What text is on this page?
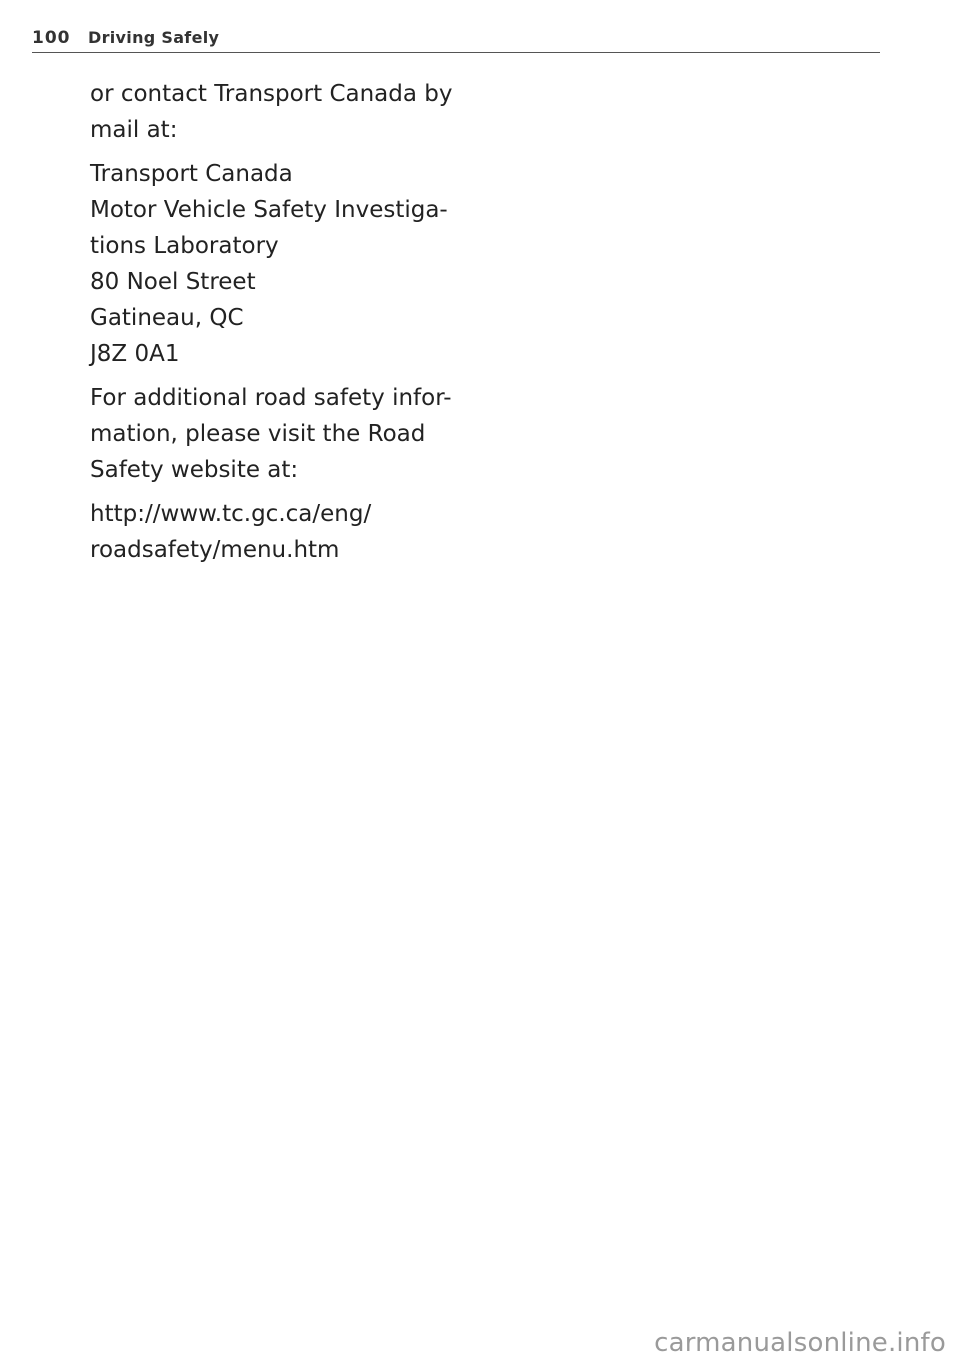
100 Driving Safely

or contact Transport Canada by
mail at:

Transport Canada
Motor Vehicle Safety Investiga-
tions Laboratory
80 Noel Street
Gatineau, QC
J8Z 0A1

For additional road safety infor-
mation, please visit the Road
Safety website at:

http://www.tc.gc.ca/eng/
roadsafety/menu.htm

carmanualsonline.info
